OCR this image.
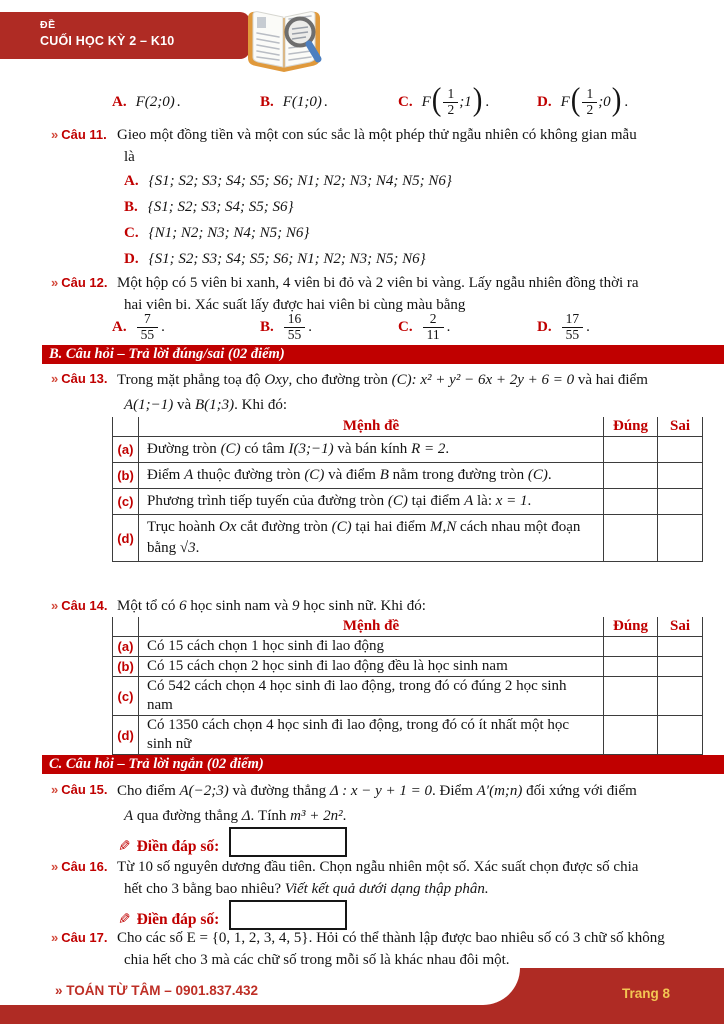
ĐỀ
CUỐI HỌC KỲ 2 – K10
A. F(2;0) .	B. F(1;0) .	C. F ( $\frac{1}{2}$ ;1 ) .	D. F ( $\frac{1}{2}$ ;0 ) .
» Câu 11. Gieo một đồng tiền và một con súc sắc là một phép thử ngẫu nhiên có không gian mẫu
là
A. {S1; S2; S3; S4; S5; S6; N1; N2; N3; N4; N5; N6}
B. {S1; S2; S3; S4; S5; S6}
C. {N1; N2; N3; N4; N5; N6}
D. {S1; S2; S3; S4; S5; S6; N1; N2; N3; N5; N6}
» Câu 12. Một hộp có 5 viên bi xanh, 4 viên bi đỏ và 2 viên bi vàng. Lấy ngẫu nhiên đồng thời ra
hai viên bi. Xác suất lấy được hai viên bi cùng màu bằng
A. $\frac{7}{55}$ .	B. $\frac{16}{55}$ .	C. $\frac{2}{11}$ .	D. $\frac{17}{55}$ .
B. Câu hỏi – Trả lời đúng/sai (02 điểm)
» Câu 13. Trong mặt phẳng toạ độ Oxy, cho đường tròn (C): x² + y² − 6x + 2y + 6 = 0 và hai điểm
A(1;−1) và B(1;3). Khi đó:
	Mệnh đề	Đúng	Sai
(a)	Đường tròn (C) có tâm I(3;−1) và bán kính R = 2.		
(b)	Điểm A thuộc đường tròn (C) và điểm B nằm trong đường tròn (C).		
(c)	Phương trình tiếp tuyến của đường tròn (C) tại điểm A là: x = 1.		
(d)	Trục hoành Ox cắt đường tròn (C) tại hai điểm M,N cách nhau một đoạn bằng √3.		
» Câu 14. Một tổ có 6 học sinh nam và 9 học sinh nữ. Khi đó:
	Mệnh đề	Đúng	Sai
(a)	Có 15 cách chọn 1 học sinh đi lao động		
(b)	Có 15 cách chọn 2 học sinh đi lao động đều là học sinh nam		
(c)	Có 542 cách chọn 4 học sinh đi lao động, trong đó có đúng 2 học sinh nam		
(d)	Có 1350 cách chọn 4 học sinh đi lao động, trong đó có ít nhất một học sinh nữ		
C. Câu hỏi – Trả lời ngắn (02 điểm)
» Câu 15. Cho điểm A(−2;3) và đường thẳng Δ : x − y + 1 = 0. Điểm A′(m;n) đối xứng với điểm
A qua đường thẳng Δ. Tính m³ + 2n².
✎ Điền đáp số:
» Câu 16. Từ 10 số nguyên dương đầu tiên. Chọn ngẫu nhiên một số. Xác suất chọn được số chia
hết cho 3 bằng bao nhiêu? Viết kết quả dưới dạng thập phân.
✎ Điền đáp số:
» Câu 17. Cho các số E = {0, 1, 2, 3, 4, 5}. Hỏi có thể thành lập được bao nhiêu số có 3 chữ số không
chia hết cho 3 mà các chữ số trong mỗi số là khác nhau đôi một.
» TOÁN TỪ TÂM – 0901.837.432	Trang 8
